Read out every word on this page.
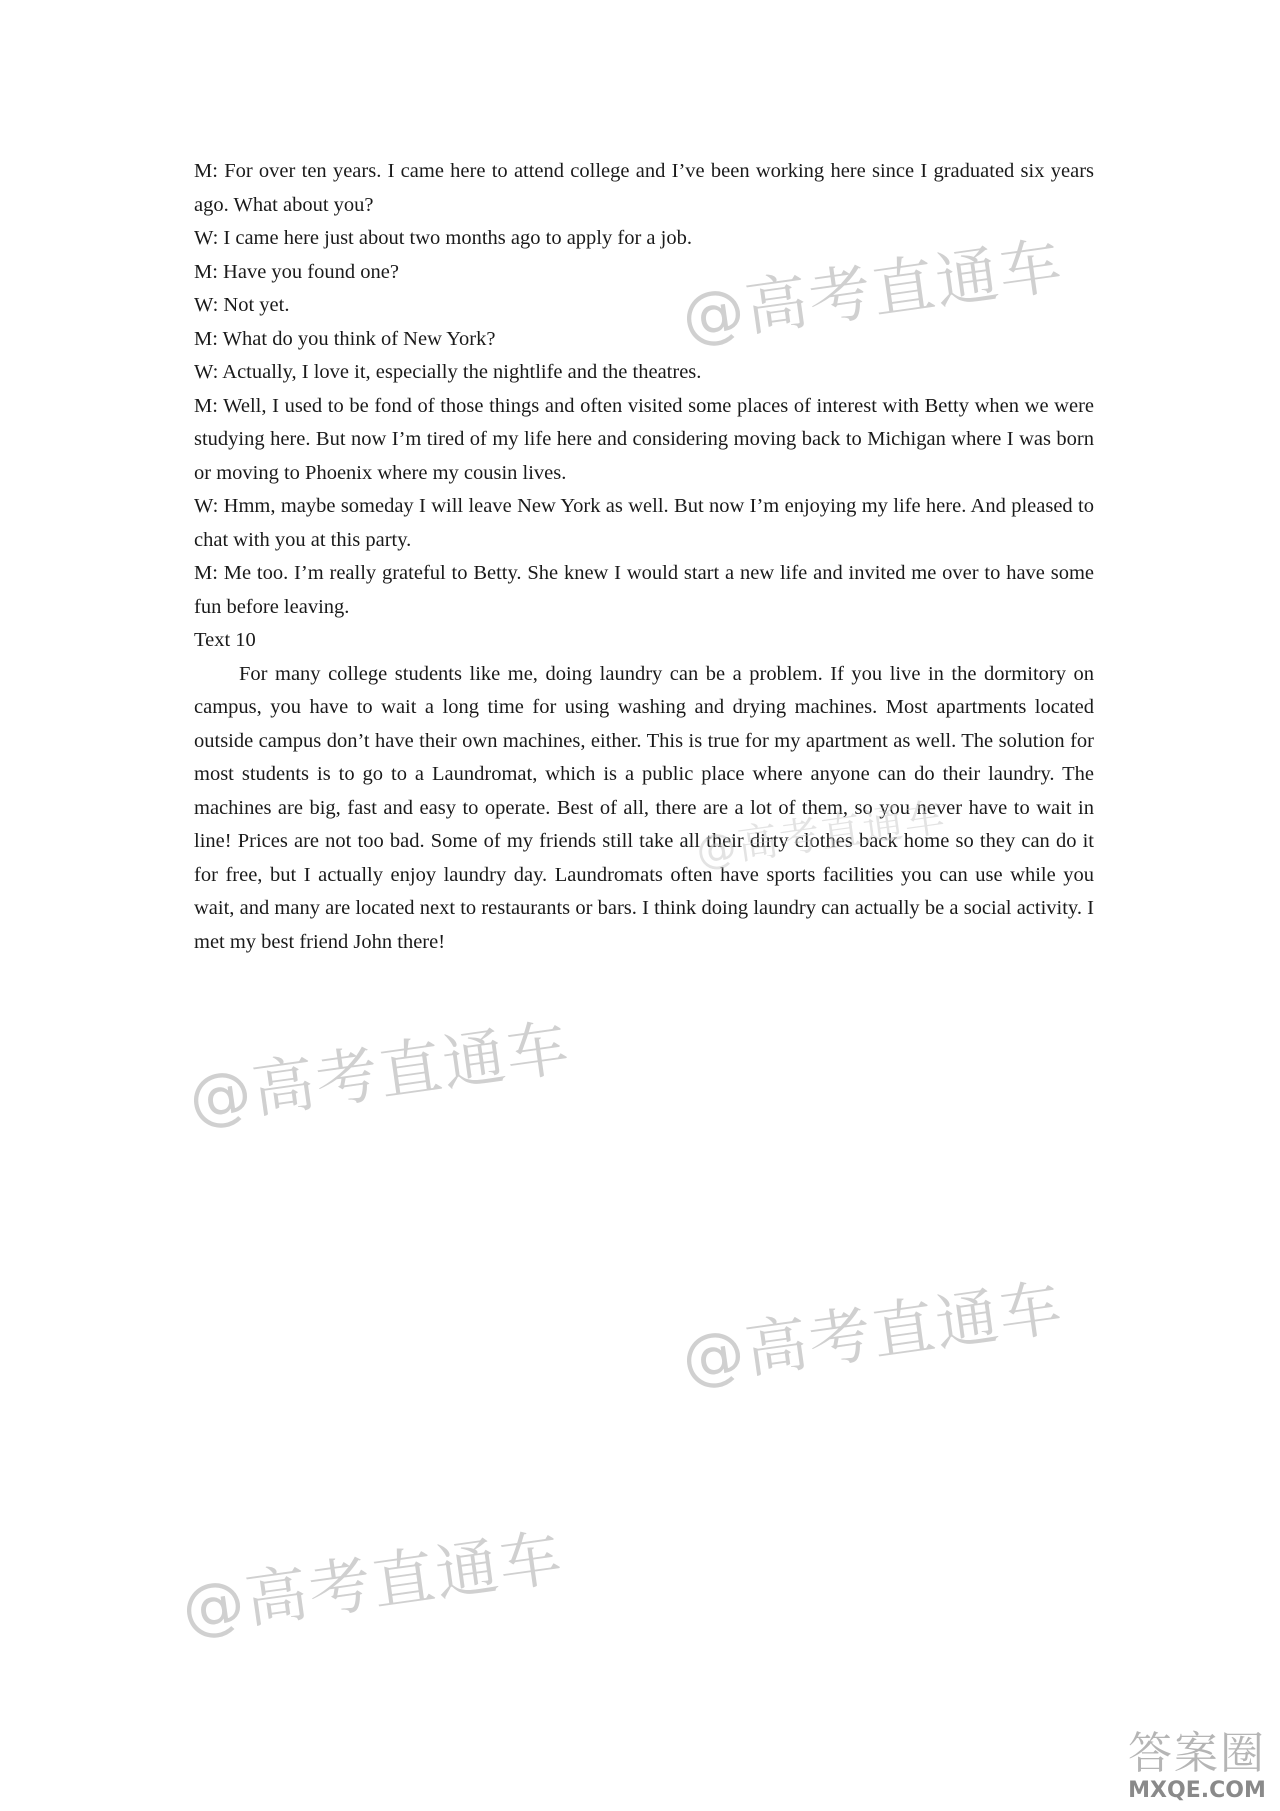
M: For over ten years. I came here to attend college and I’ve been working here since I graduated six years ago. What about you?

W: I came here just about two months ago to apply for a job.

M: Have you found one?

W: Not yet.

M: What do you think of New York?

W: Actually, I love it, especially the nightlife and the theatres.

M: Well, I used to be fond of those things and often visited some places of interest with Betty when we were studying here. But now I’m tired of my life here and considering moving back to Michigan where I was born or moving to Phoenix where my cousin lives.

W: Hmm, maybe someday I will leave New York as well. But now I’m enjoying my life here. And pleased to chat with you at this party.

M: Me too. I’m really grateful to Betty. She knew I would start a new life and invited me over to have some fun before leaving.

Text 10

For many college students like me, doing laundry can be a problem. If you live in the dormitory on campus, you have to wait a long time for using washing and drying machines. Most apartments located outside campus don’t have their own machines, either. This is true for my apartment as well. The solution for most students is to go to a Laundromat, which is a public place where anyone can do their laundry. The machines are big, fast and easy to operate. Best of all, there are a lot of them, so you never have to wait in line! Prices are not too bad. Some of my friends still take all their dirty clothes back home so they can do it for free, but I actually enjoy laundry day. Laundromats often have sports facilities you can use while you wait, and many are located next to restaurants or bars. I think doing laundry can actually be a social activity. I met my best friend John there!

@高考直通车
@高考直通车
@高考直通车
@高考直通车
@高考直通车
答案圈
MXQE.COM
